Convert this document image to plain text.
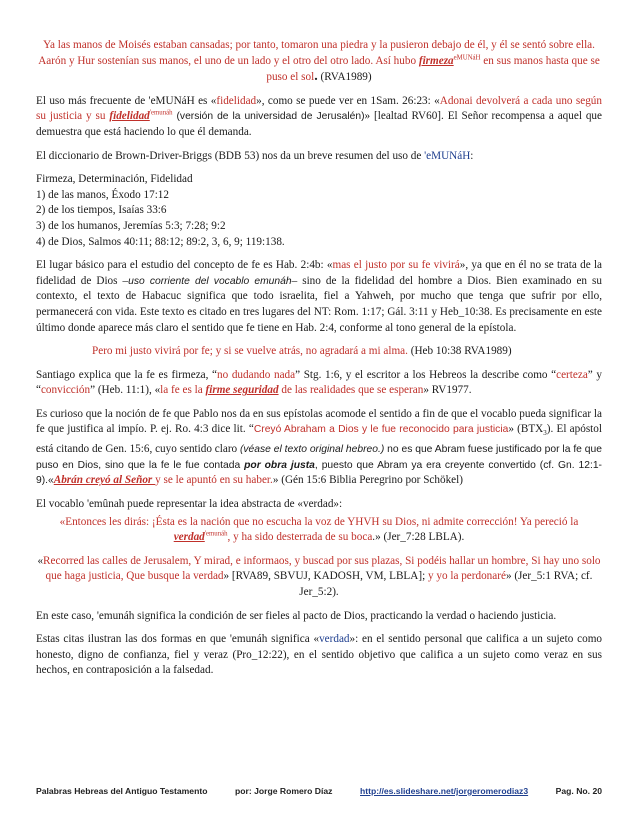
Ya las manos de Moisés estaban cansadas; por tanto, tomaron una piedra y la pusieron debajo de él, y él se sentó sobre ella. Aarón y Hur sostenían sus manos, el uno de un lado y el otro del otro lado. Así hubo firmeza$^{eMUNáH}$ en sus manos hasta que se puso el sol. (RVA1989)

El uso más frecuente de 'eMUNáH es «fidelidad», como se puede ver en 1Sam. 26:23: «Adonai devolverá a cada uno según su justicia y su fidelidad$^{'emunáh}$ (versión de la universidad de Jerusalén)» [lealtad RV60]. El Señor recompensa a aquel que demuestra que está haciendo lo que él demanda.

El diccionario de Brown-Driver-Briggs (BDB 53) nos da un breve resumen del uso de 'eMUNáH:

Firmeza, Determinación, Fidelidad
1) de las manos, Éxodo 17:12
2) de los tiempos, Isaías 33:6
3) de los humanos, Jeremías 5:3; 7:28; 9:2
4) de Dios, Salmos 40:11; 88:12; 89:2, 3, 6, 9; 119:138.

El lugar básico para el estudio del concepto de fe es Hab. 2:4b: «mas el justo por su fe vivirá», ya que en él no se trata de la fidelidad de Dios –uso corriente del vocablo emunáh– sino de la fidelidad del hombre a Dios. Bien examinado en su contexto, el texto de Habacuc significa que todo israelita, fiel a Yahweh, por mucho que tenga que sufrir por ello, permanecerá con vida. Este texto es citado en tres lugares del NT: Rom. 1:17; Gál. 3:11 y Heb_10:38. Es precisamente en este último donde aparece más claro el sentido que fe tiene en Hab. 2:4, conforme al tono general de la epístola.

Pero mi justo vivirá por fe; y si se vuelve atrás, no agradará a mi alma. (Heb 10:38 RVA1989)

Santiago explica que la fe es firmeza, “no dudando nada” Stg. 1:6, y el escritor a los Hebreos la describe como “certeza” y “convicción” (Heb. 11:1), «la fe es la firme seguridad de las realidades que se esperan» RV1977.

Es curioso que la noción de fe que Pablo nos da en sus epístolas acomode el sentido a fin de que el vocablo pueda significar la fe que justifica al impío. P. ej. Ro. 4:3 dice lit. “Creyó Abraham a Dios y le fue reconocido para justicia» $(BTX_3)$. El apóstol está citando de Gen. 15:6, cuyo sentido claro (véase el texto original hebreo.) no es que Abram fuese justificado por la fe que puso en Dios, sino que la fe le fue contada por obra justa, puesto que Abram ya era creyente convertido (cf. Gn. 12:1-9).«Abrán creyó al Señor y se le apuntó en su haber.» (Gén 15:6 Biblia Peregrino por Schökel)

El vocablo 'emûnah puede representar la idea abstracta de «verdad»:

«Entonces les dirás: ¡Ésta es la nación que no escucha la voz de YHVH su Dios, ni admite corrección! Ya pereció la verdad$^{'emunáh}$, y ha sido desterrada de su boca.» (Jer_7:28 LBLA).

«Recorred las calles de Jerusalem, Y mirad, e informaos, y buscad por sus plazas, Si podéis hallar un hombre, Si hay uno solo que haga justicia, Que busque la verdad» [RVA89, SBVUJ, KADOSH, VM, LBLA]; y yo la perdonaré» (Jer_5:1 RVA; cf. Jer_5:2).

En este caso, 'emunáh significa la condición de ser fieles al pacto de Dios, practicando la verdad o haciendo justicia.

Estas citas ilustran las dos formas en que 'emunáh significa «verdad»: en el sentido personal que califica a un sujeto como honesto, digno de confianza, fiel y veraz (Pro_12:22), en el sentido objetivo que califica a un sujeto como veraz en sus hechos, en contraposición a la falsedad.

Palabras Hebreas del Antiguo Testamento	por: Jorge Romero Díaz	http://es.slideshare.net/jorgeromerodiaz3	Pag. No. 20
